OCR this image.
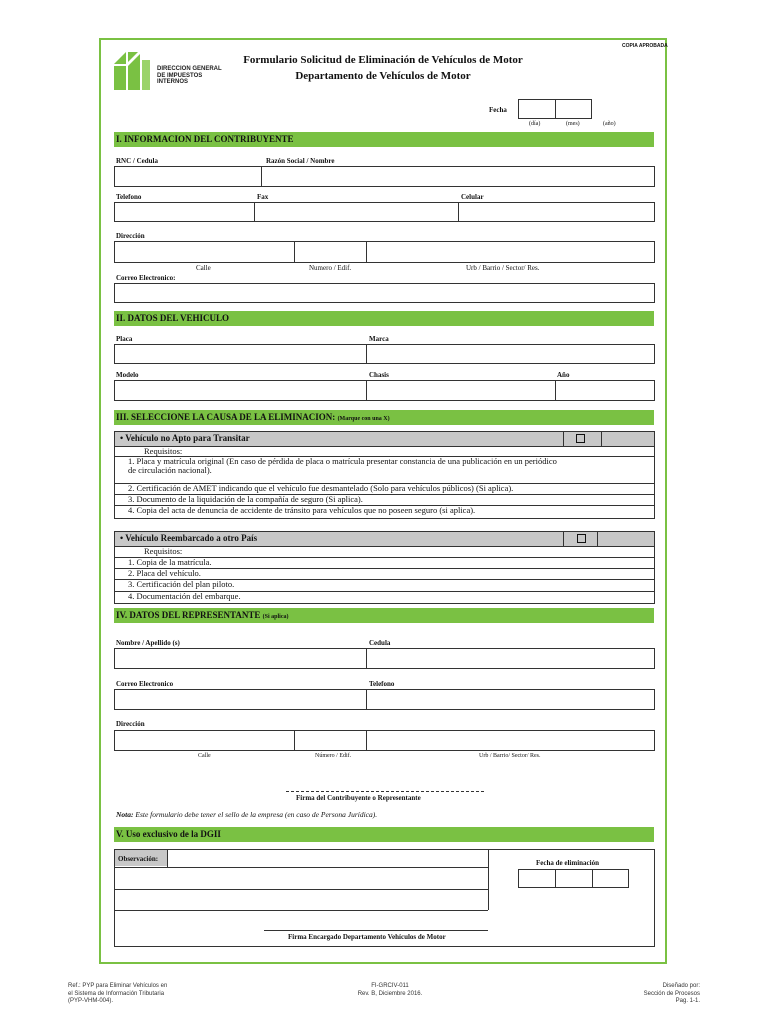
COPIA APROBADA
DIRECCION GENERAL
DE IMPUESTOS
INTERNOS
Formulario Solicitud de Eliminación de Vehículos de Motor
Departamento de Vehículos de Motor
Fecha
(día)	(mes)	(año)
I. INFORMACION DEL CONTRIBUYENTE
RNC / Cedula	Razón Social / Nombre
Telefono	Fax	Celular
Dirección
Calle	Numero / Edif.	Urb / Barrio / Sector/ Res.
Correo Electronico:
II. DATOS DEL VEHICULO
Placa	Marca
Modelo	Chasis	Año
III. SELECCIONE LA CAUSA DE LA ELIMINACION: (Marque con una X)
• Vehículo no Apto para Transitar
Requisitos:
1. Placa y matrícula original (En caso de pérdida de placa o matrícula presentar constancia de una publicación en un periódico
de circulación nacional).
2. Certificación de AMET indicando que el vehículo fue desmantelado (Solo para vehículos públicos) (Si aplica).
3. Documento de la liquidación de la compañía de seguro (Si aplica).
4. Copia del acta de denuncia de accidente de tránsito para vehículos que no poseen seguro (si aplica).
• Vehículo Reembarcado a otro País
Requisitos:
1. Copia de la matrícula.
2. Placa del vehículo.
3. Certificación del plan piloto.
4. Documentación del embarque.
IV. DATOS DEL REPRESENTANTE (Si aplica)
Nombre / Apellido (s)	Cedula
Correo Electronico	Telefono
Dirección
Calle	Número / Edif.	Urb / Barrio/ Sector/ Res.
Firma del Contribuyente o Representante
Nota: Este formulario debe tener el sello de la empresa (en caso de Persona Jurídica).
V. Uso exclusivo de la DGII
Observación:	Fecha de eliminación
Firma Encargado Departamento Vehículos de Motor
Ref.: PYP para Eliminar Vehículos en
el Sistema de Información Tributaria
(PYP-VHM-004).
FI-GRCIV-011
Rev. B, Diciembre 2016.
Diseñado por:
Sección de Procesos
Pag. 1-1.
